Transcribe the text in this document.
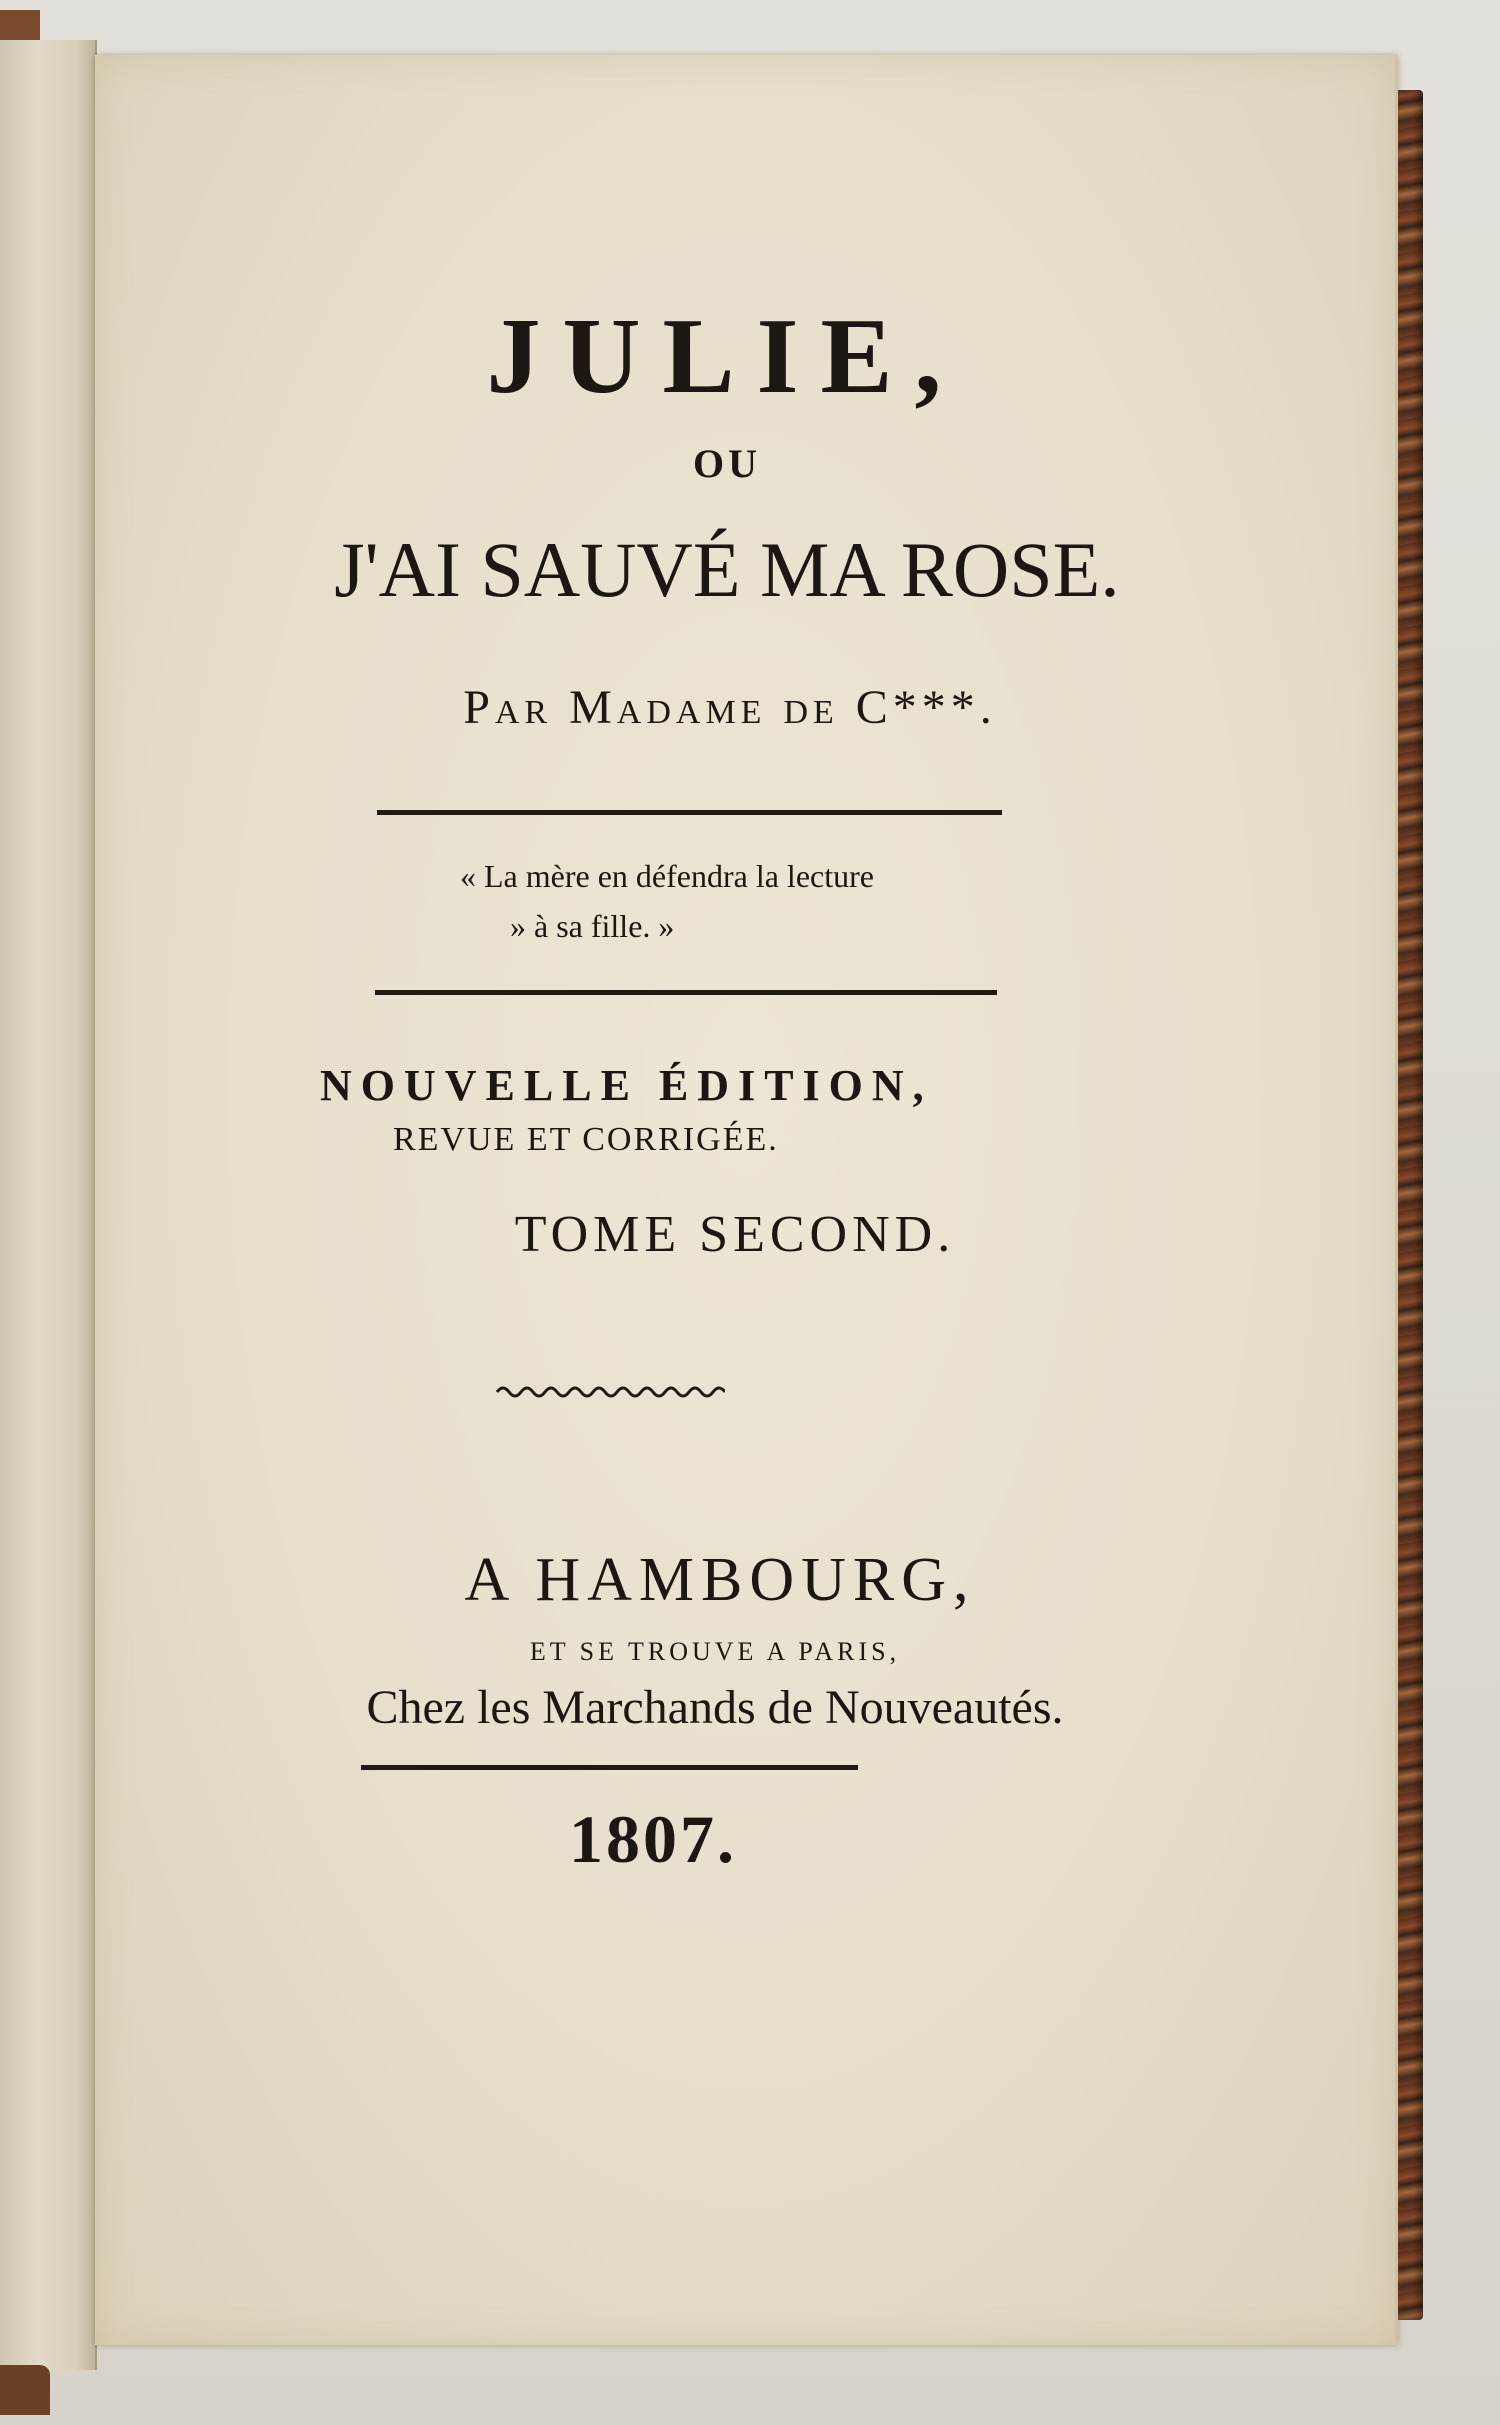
JULIE,
OU
J'AI SAUVÉ MA ROSE.
Par Madame de C***.
« La mère en défendra la lecture
» à sa fille. »
NOUVELLE ÉDITION,
REVUE ET CORRIGÉE.
TOME SECOND.
A HAMBOURG,
ET SE TROUVE A PARIS,
Chez les Marchands de Nouveautés.
1807.
